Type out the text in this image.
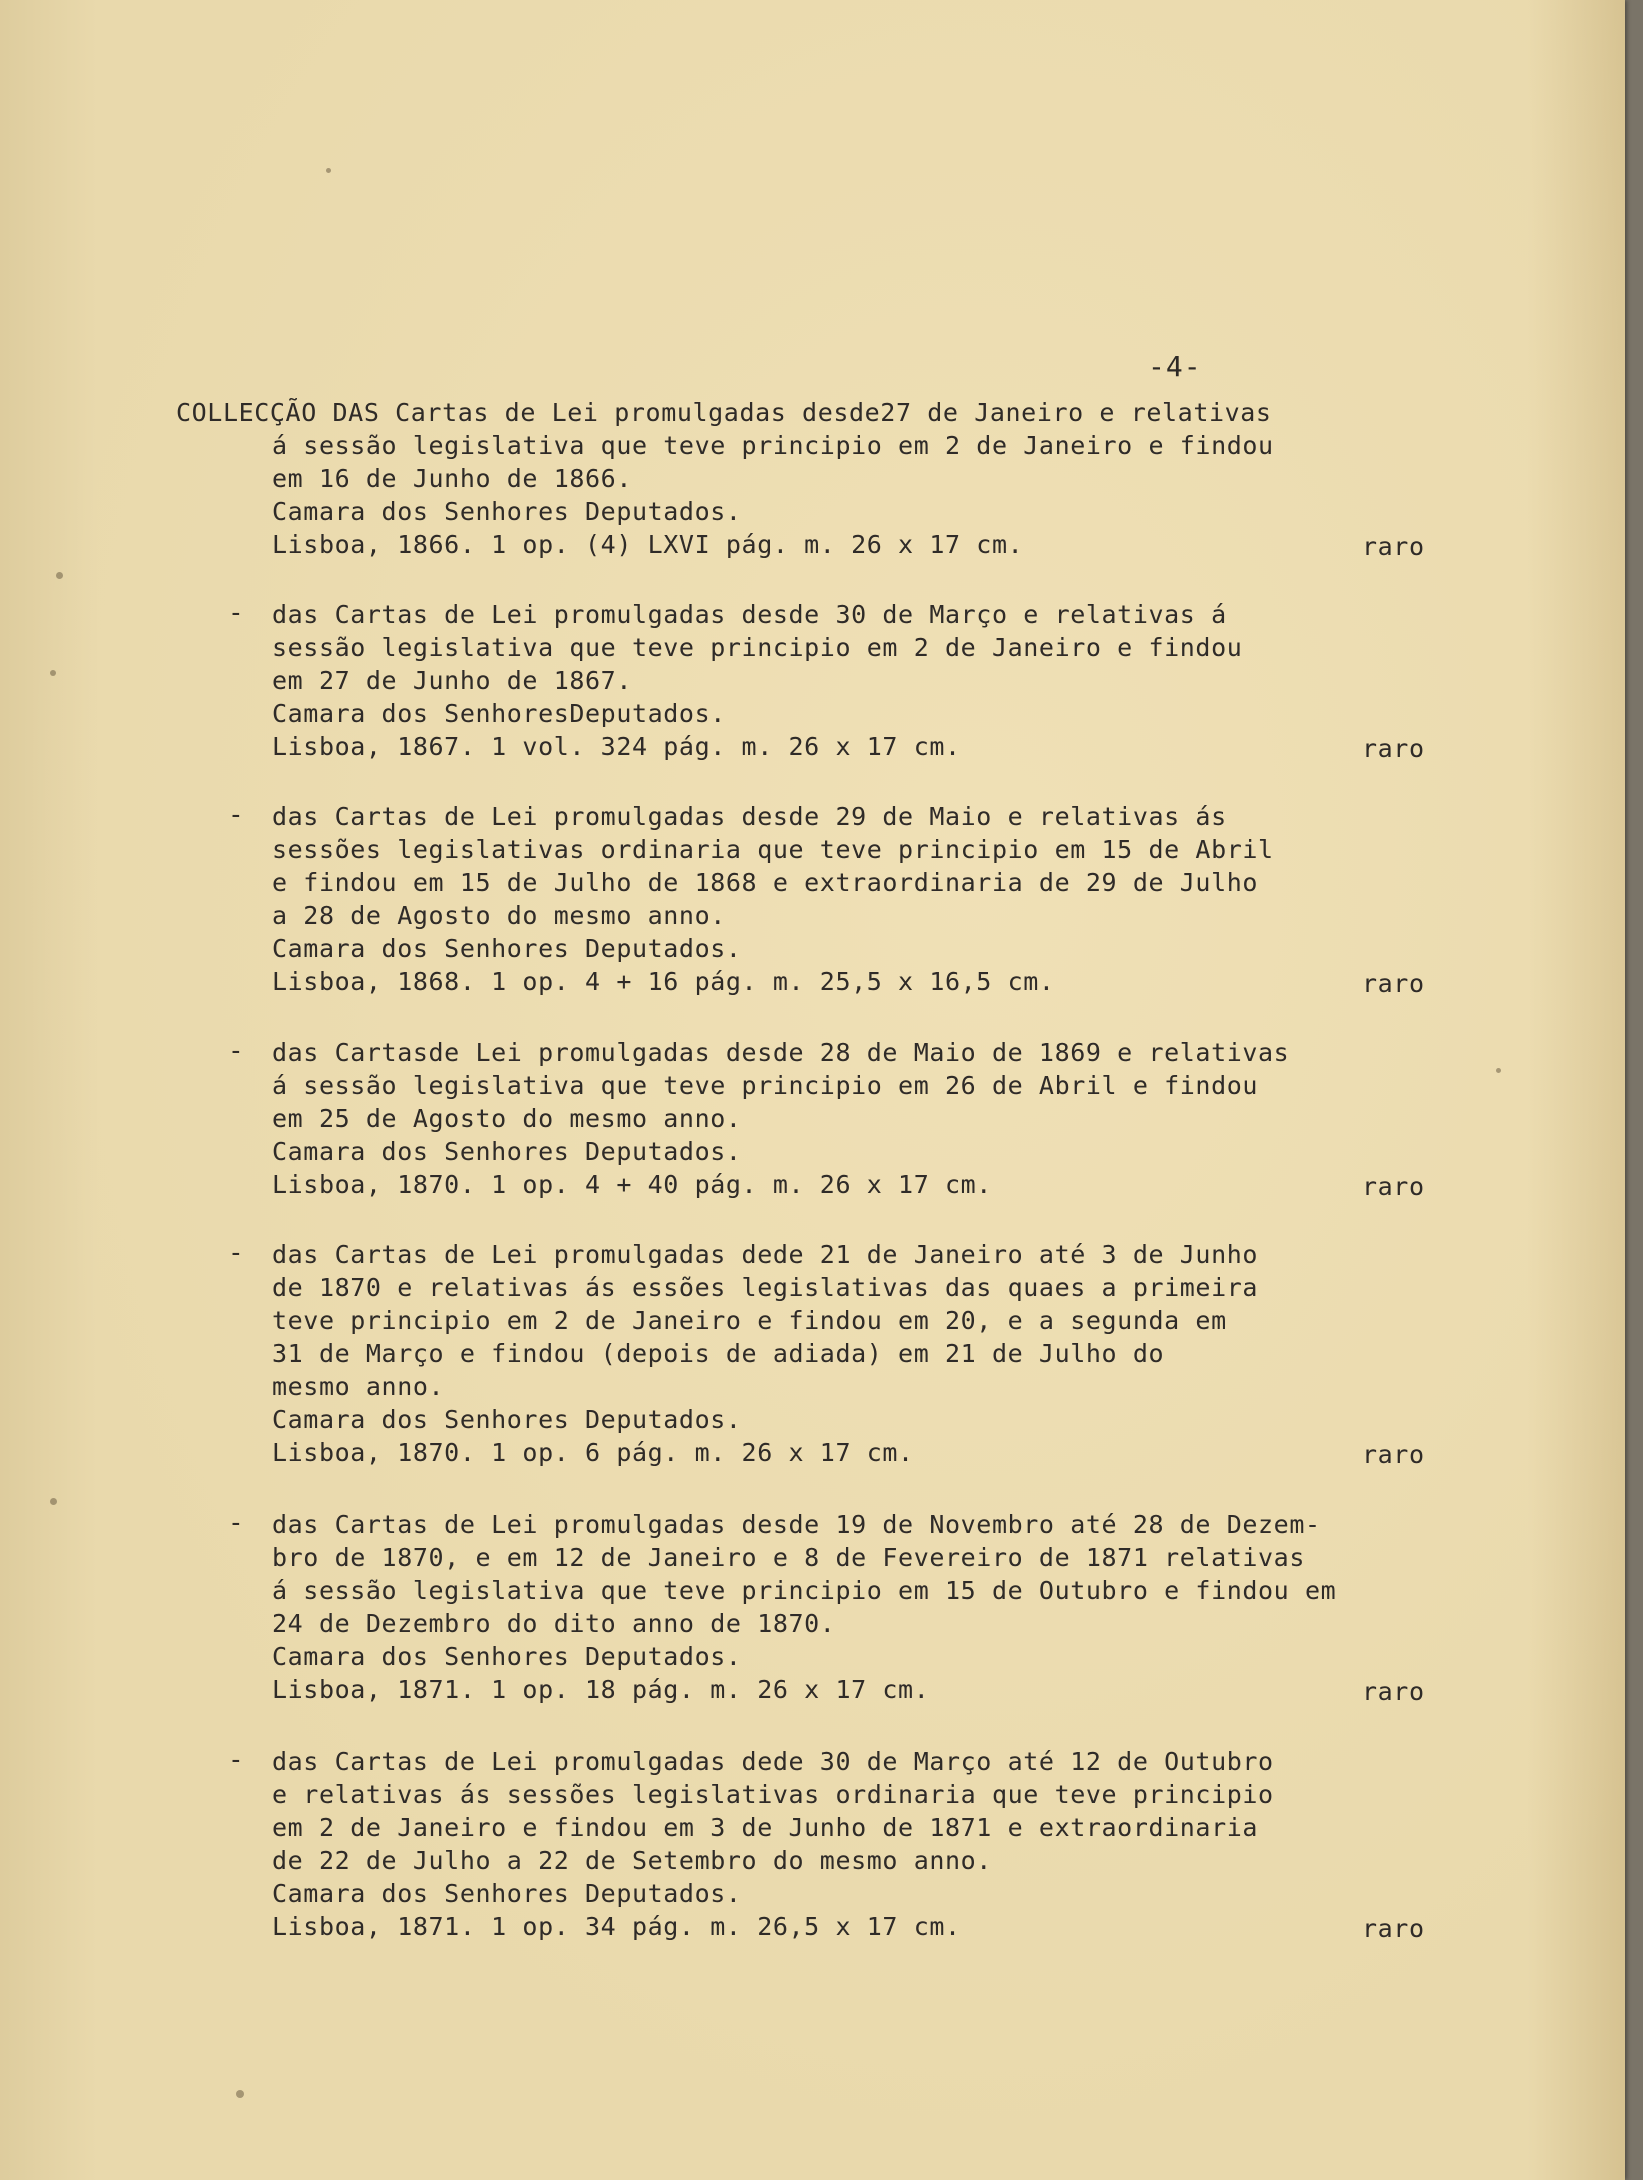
-4-
COLLECÇÃO DAS Cartas de Lei promulgadas desde27 de Janeiro e relativas
á sessão legislativa que teve principio em 2 de Janeiro e findou
em 16 de Junho de 1866.
Camara dos Senhores Deputados.
Lisboa, 1866. 1 op. (4) LXVI pág. m. 26 x 17 cm.	raro
- das Cartas de Lei promulgadas desde 30 de Março e relativas á
sessão legislativa que teve principio em 2 de Janeiro e findou
em 27 de Junho de 1867.
Camara dos SenhoresDeputados.
Lisboa, 1867. 1 vol. 324 pág. m. 26 x 17 cm.	raro
- das Cartas de Lei promulgadas desde 29 de Maio e relativas ás
sessões legislativas ordinaria que teve principio em 15 de Abril
e findou em 15 de Julho de 1868 e extraordinaria de 29 de Julho
a 28 de Agosto do mesmo anno.
Camara dos Senhores Deputados.
Lisboa, 1868. 1 op. 4 + 16 pág. m. 25,5 x 16,5 cm.	raro
- das Cartasde Lei promulgadas desde 28 de Maio de 1869 e relativas
á sessão legislativa que teve principio em 26 de Abril e findou
em 25 de Agosto do mesmo anno.
Camara dos Senhores Deputados.
Lisboa, 1870. 1 op. 4 + 40 pág. m. 26 x 17 cm.	raro
- das Cartas de Lei promulgadas dede 21 de Janeiro até 3 de Junho
de 1870 e relativas ás essões legislativas das quaes a primeira
teve principio em 2 de Janeiro e findou em 20, e a segunda em
31 de Março e findou (depois de adiada) em 21 de Julho do
mesmo anno.
Camara dos Senhores Deputados.
Lisboa, 1870. 1 op. 6 pág. m. 26 x 17 cm.	raro
- das Cartas de Lei promulgadas desde 19 de Novembro até 28 de Dezem-
bro de 1870, e em 12 de Janeiro e 8 de Fevereiro de 1871 relativas
á sessão legislativa que teve principio em 15 de Outubro e findou em
24 de Dezembro do dito anno de 1870.
Camara dos Senhores Deputados.
Lisboa, 1871. 1 op. 18 pág. m. 26 x 17 cm.	raro
- das Cartas de Lei promulgadas dede 30 de Março até 12 de Outubro
e relativas ás sessões legislativas ordinaria que teve principio
em 2 de Janeiro e findou em 3 de Junho de 1871 e extraordinaria
de 22 de Julho a 22 de Setembro do mesmo anno.
Camara dos Senhores Deputados.
Lisboa, 1871. 1 op. 34 pág. m. 26,5 x 17 cm.	raro
